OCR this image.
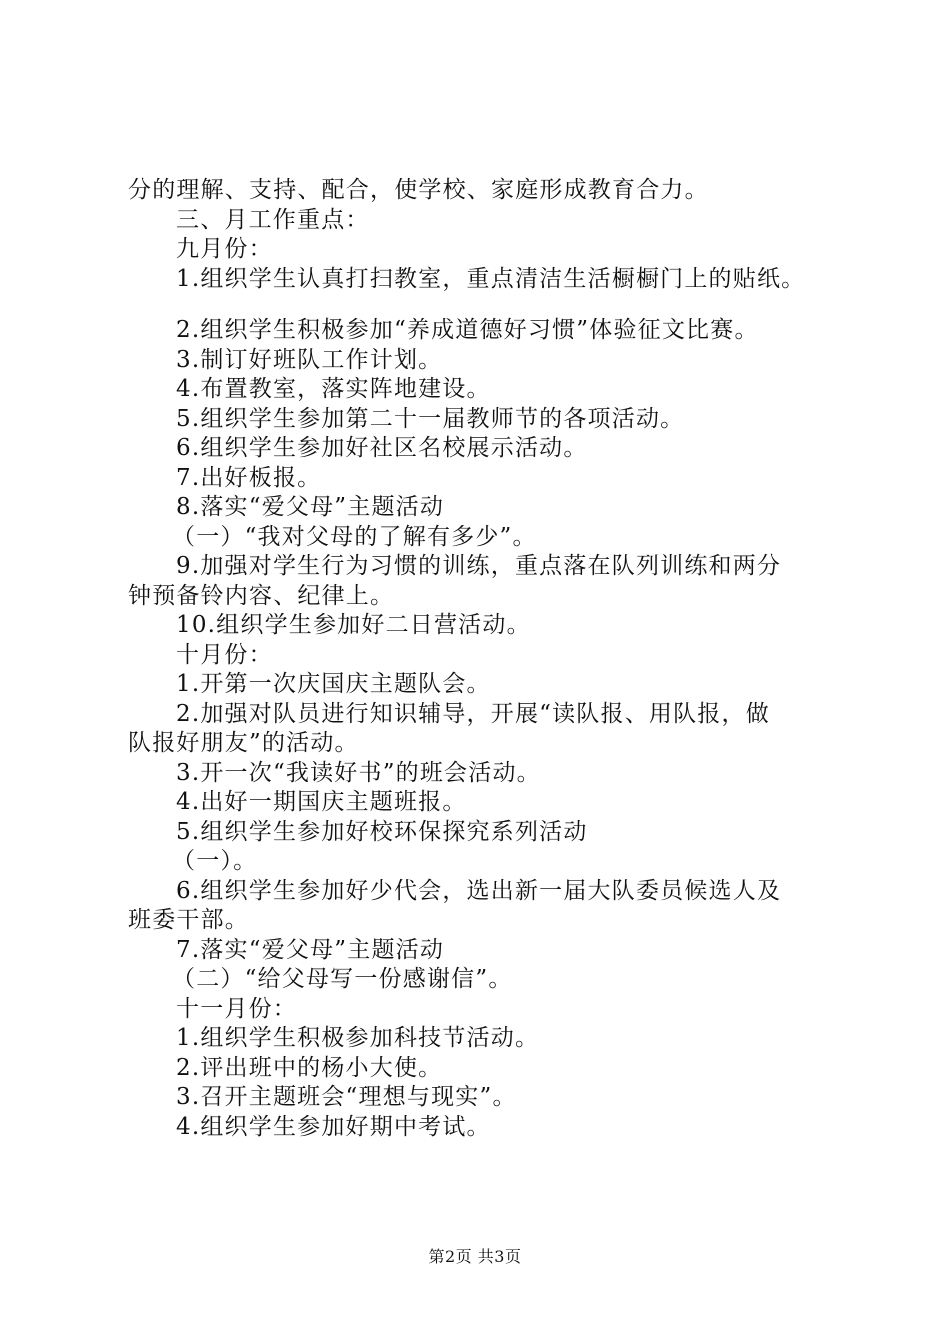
分的理解、支持、配合，使学校、家庭形成教育合力。
三、月工作重点：
九月份：
1.组织学生认真打扫教室，重点清洁生活橱橱门上的贴纸。
2.组织学生积极参加“养成道德好习惯”体验征文比赛。
3.制订好班队工作计划。
4.布置教室，落实阵地建设。
5.组织学生参加第二十一届教师节的各项活动。
6.组织学生参加好社区名校展示活动。
7.出好板报。
8.落实“爱父母”主题活动
（一）“我对父母的了解有多少”。
9.加强对学生行为习惯的训练，重点落在队列训练和两分
钟预备铃内容、纪律上。
10.组织学生参加好二日营活动。
十月份：
1.开第一次庆国庆主题队会。
2.加强对队员进行知识辅导，开展“读队报、用队报，做
队报好朋友”的活动。
3.开一次“我读好书”的班会活动。
4.出好一期国庆主题班报。
5.组织学生参加好校环保探究系列活动
（一）。
6.组织学生参加好少代会，选出新一届大队委员候选人及
班委干部。
7.落实“爱父母”主题活动
（二）“给父母写一份感谢信”。
十一月份：
1.组织学生积极参加科技节活动。
2.评出班中的杨小大使。
3.召开主题班会“理想与现实”。
4.组织学生参加好期中考试。
第2页 共3页
